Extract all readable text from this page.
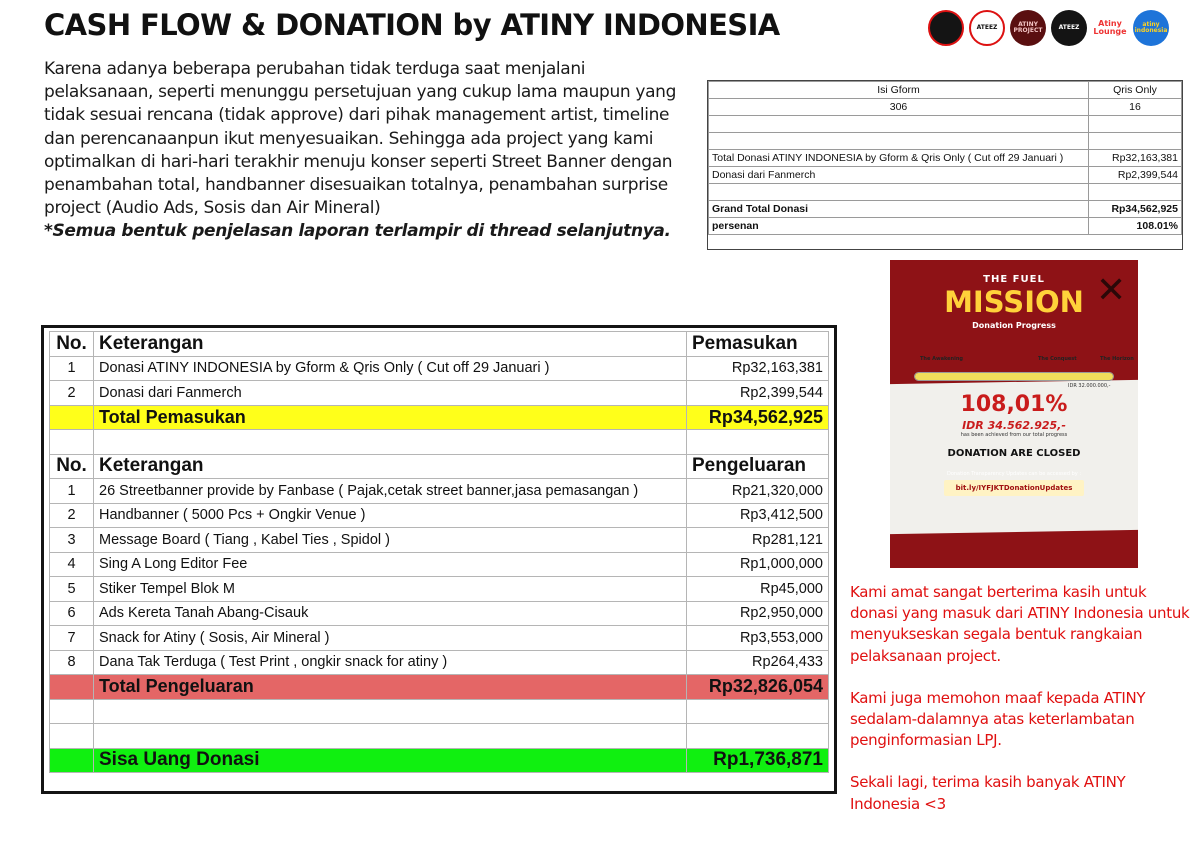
CASH FLOW & DONATION by ATINY INDONESIA	ATEEZ	ATINY PROJECT	ATEEZ	Atiny Lounge
atiny indonesia
Karena adanya beberapa perubahan tidak terduga saat menjalani pelaksanaan, seperti menunggu persetujuan yang cukup lama maupun yang tidak sesuai rencana (tidak approve) dari pihak management artist, timeline dan perencanaanpun ikut menyesuaikan. Sehingga ada project yang kami optimalkan di hari-hari terakhir menuju konser seperti Street Banner dengan penambahan total, handbanner disesuaikan totalnya, penambahan surprise project (Audio Ads, Sosis dan Air Mineral)
*Semua bentuk penjelasan laporan terlampir di thread selanjutnya.
Isi Gform	Qris Only
306	16

Total Donasi ATINY INDONESIA by Gform & Qris Only ( Cut off 29 Januari )	Rp32,163,381
Donasi dari Fanmerch	Rp2,399,544

Grand Total Donasi	Rp34,562,925
persenan	108.01%
✕
THE FUEL
MISSION
Donation Progress
The Awakening	The Conquest	The Horizon
IDR 32.000.000,-
108,01%
IDR 34.562.925,-
has been achieved from our total progress
DONATION ARE CLOSED
Donation Transparency Updates can be accessed by :
bit.ly/IYFJKTDonationUpdates

Kami amat sangat berterima kasih untuk donasi yang masuk dari ATINY Indonesia untuk menyukseskan segala bentuk rangkaian pelaksanaan project.

Kami juga memohon maaf kepada ATINY sedalam-dalamnya atas keterlambatan penginformasian LPJ.

Sekali lagi, terima kasih banyak ATINY Indonesia <3

No.	Keterangan	Pemasukan
1	Donasi ATINY INDONESIA by Gform & Qris Only ( Cut off 29 Januari )	Rp32,163,381
2	Donasi dari Fanmerch	Rp2,399,544
	Total Pemasukan	Rp34,562,925

No.	Keterangan	Pengeluaran
1	26 Streetbanner provide by Fanbase ( Pajak,cetak street banner,jasa pemasangan )	Rp21,320,000
2	Handbanner ( 5000 Pcs + Ongkir Venue )	Rp3,412,500
3	Message Board ( Tiang , Kabel Ties , Spidol )	Rp281,121
4	Sing A Long Editor Fee	Rp1,000,000
5	Stiker Tempel Blok M	Rp45,000
6	Ads Kereta Tanah Abang-Cisauk	Rp2,950,000
7	Snack for Atiny ( Sosis, Air Mineral )	Rp3,553,000
8	Dana Tak Terduga ( Test Print , ongkir snack for atiny )	Rp264,433
	Total Pengeluaran	Rp32,826,054

	Sisa Uang Donasi	Rp1,736,871
